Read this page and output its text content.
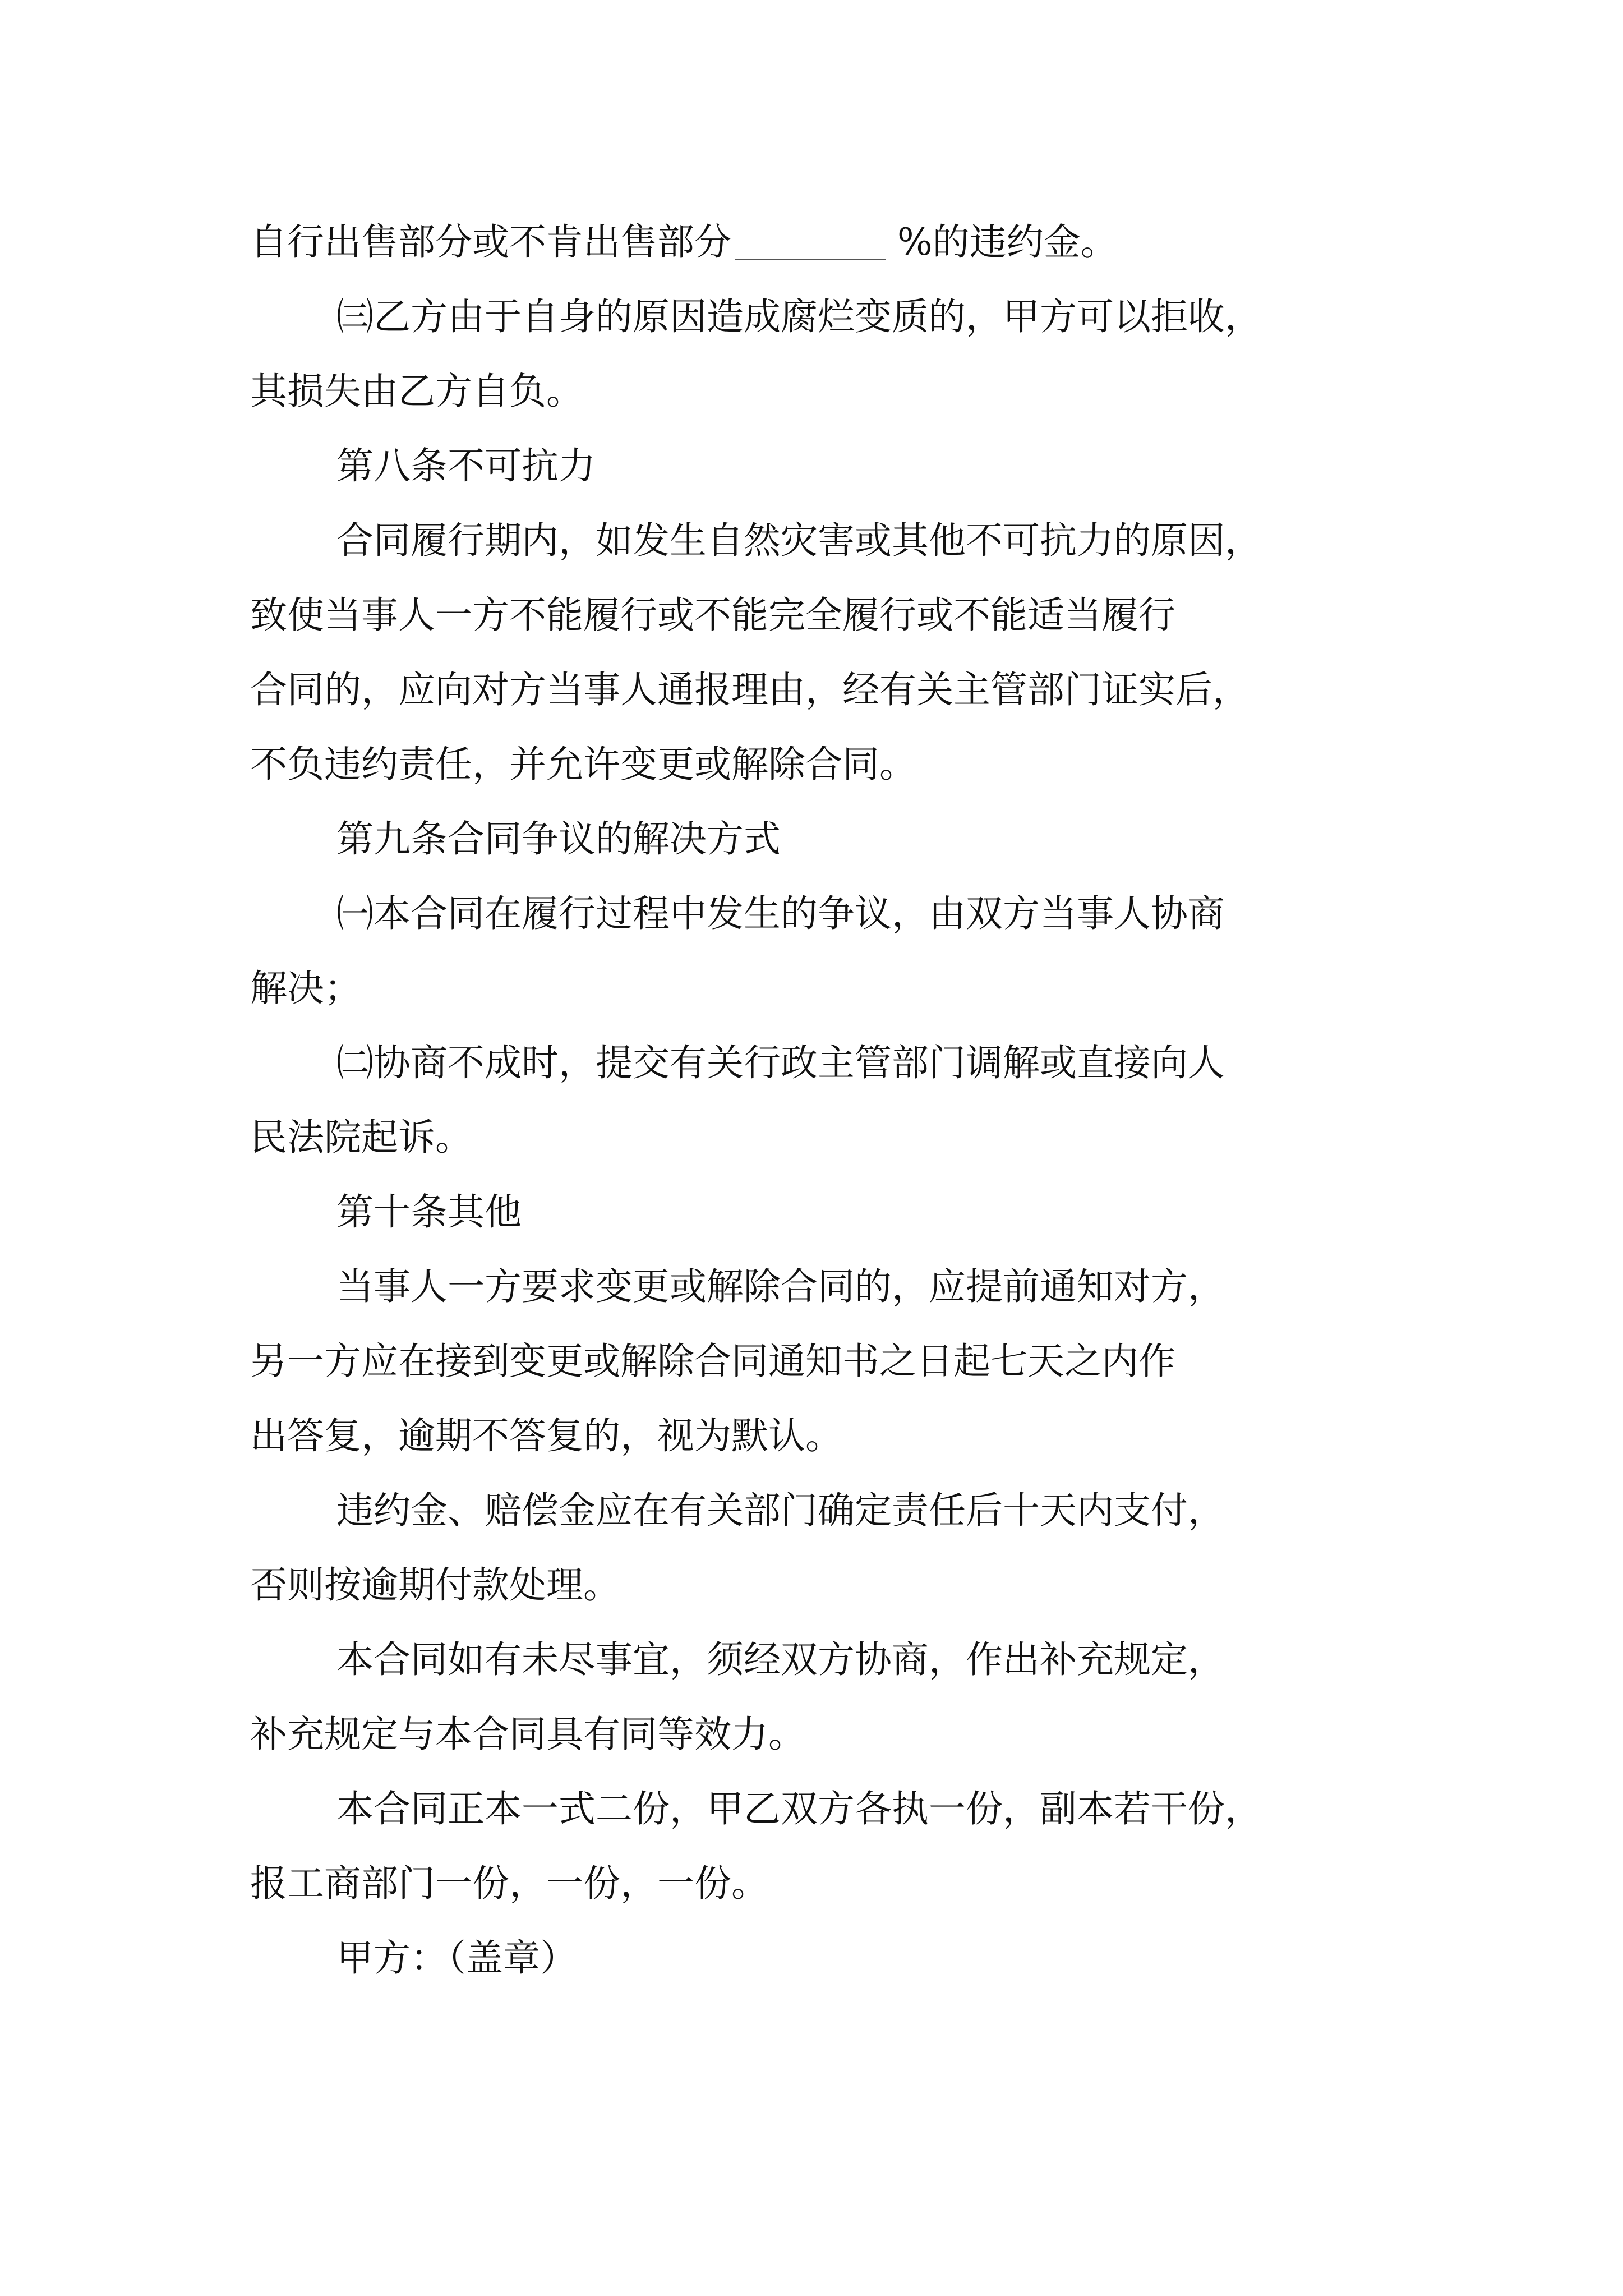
自行出售部分或不肯出售部分	%的违约金。

㈢乙方由于自身的原因造成腐烂变质的，甲方可以拒收，

其损失由乙方自负。

第八条不可抗力

合同履行期内，如发生自然灾害或其他不可抗力的原因，

致使当事人一方不能履行或不能完全履行或不能适当履行

合同的，应向对方当事人通报理由，经有关主管部门证实后，

不负违约责任，并允许变更或解除合同。

第九条合同争议的解决方式

㈠本合同在履行过程中发生的争议，由双方当事人协商

解决；

㈡协商不成时，提交有关行政主管部门调解或直接向人

民法院起诉。

第十条其他

当事人一方要求变更或解除合同的，应提前通知对方，

另一方应在接到变更或解除合同通知书之日起七天之内作

出答复，逾期不答复的，视为默认。

违约金、赔偿金应在有关部门确定责任后十天内支付，

否则按逾期付款处理。

本合同如有未尽事宜，须经双方协商，作出补充规定，

补充规定与本合同具有同等效力。

本合同正本一式二份，甲乙双方各执一份，副本若干份，

报工商部门一份，一份，一份。

甲方：（盖章）
